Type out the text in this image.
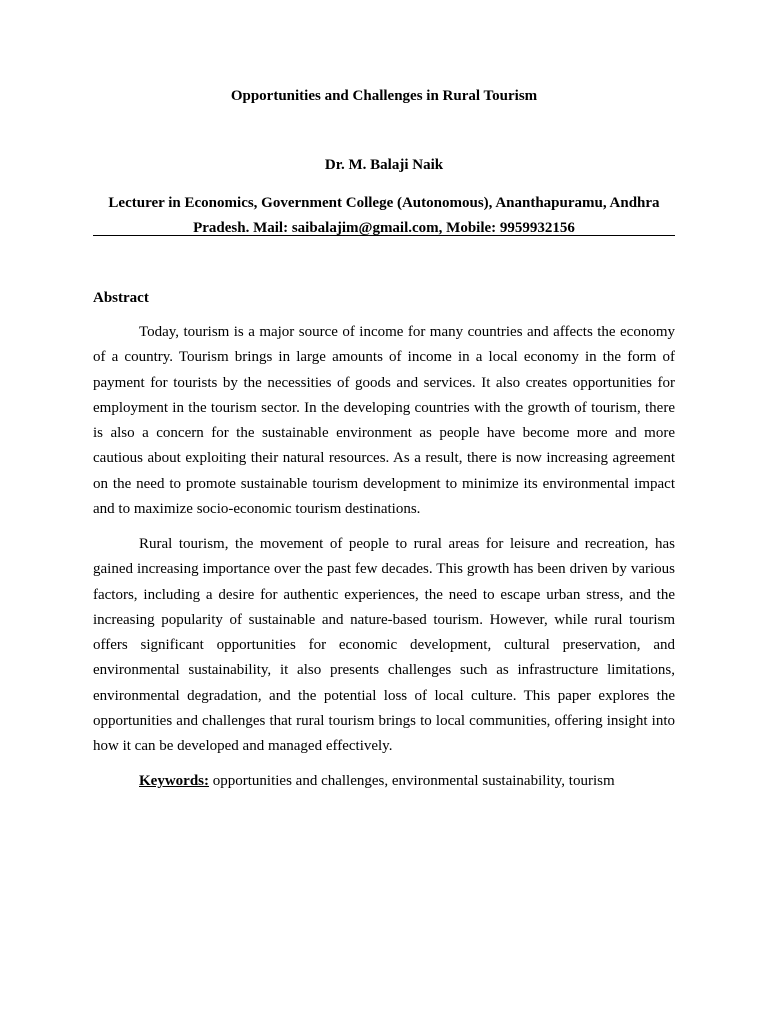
Opportunities and Challenges in Rural Tourism
Dr. M. Balaji Naik
Lecturer in Economics, Government College (Autonomous), Ananthapuramu, Andhra Pradesh. Mail: saibalajim@gmail.com, Mobile: 9959932156
Abstract

Today, tourism is a major source of income for many countries and affects the economy of a country. Tourism brings in large amounts of income in a local economy in the form of payment for tourists by the necessities of goods and services. It also creates opportunities for employment in the tourism sector. In the developing countries with the growth of tourism, there is also a concern for the sustainable environment as people have become more and more cautious about exploiting their natural resources. As a result, there is now increasing agreement on the need to promote sustainable tourism development to minimize its environmental impact and to maximize socio-economic tourism destinations.

Rural tourism, the movement of people to rural areas for leisure and recreation, has gained increasing importance over the past few decades. This growth has been driven by various factors, including a desire for authentic experiences, the need to escape urban stress, and the increasing popularity of sustainable and nature-based tourism. However, while rural tourism offers significant opportunities for economic development, cultural preservation, and environmental sustainability, it also presents challenges such as infrastructure limitations, environmental degradation, and the potential loss of local culture. This paper explores the opportunities and challenges that rural tourism brings to local communities, offering insight into how it can be developed and managed effectively.

Keywords: opportunities and challenges, environmental sustainability, tourism
